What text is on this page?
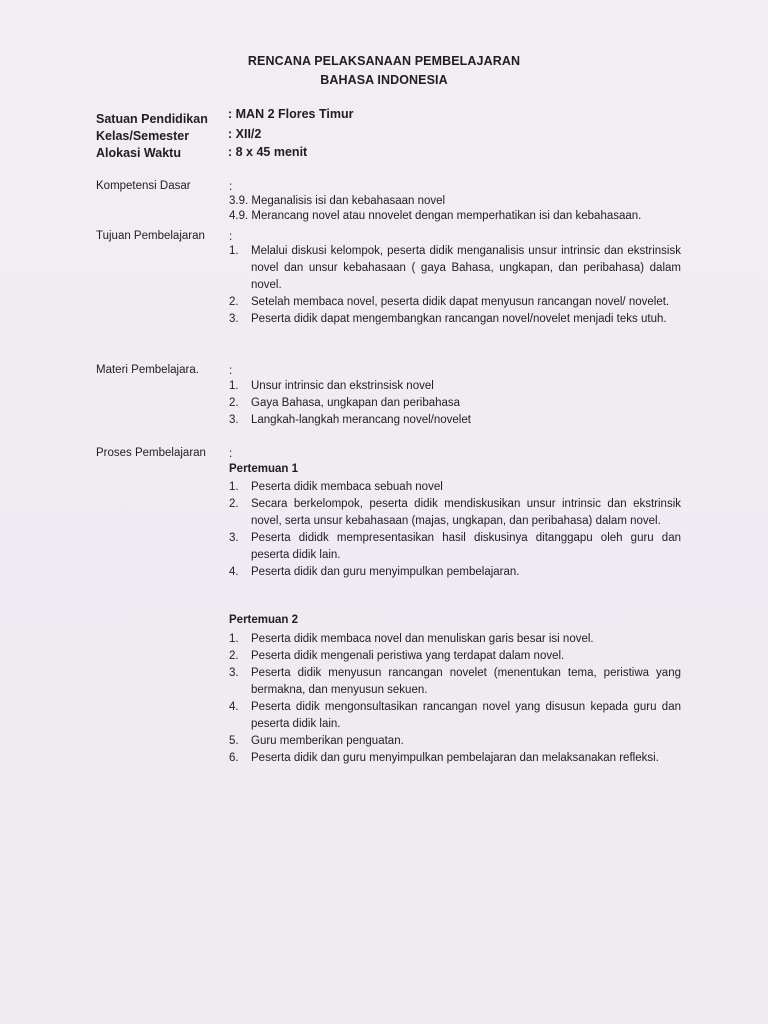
RENCANA PELAKSANAAN PEMBELAJARAN
BAHASA INDONESIA
Satuan Pendidikan : MAN 2 Flores Timur
Kelas/Semester	: XII/2
Alokasi Waktu	: 8 x 45 menit
Kompetensi Dasar	:
3.9. Meganalisis isi dan kebahasaan novel
4.9. Merancang novel atau nnovelet dengan memperhatikan isi dan kebahasaan.
Tujuan Pembelajaran :
1. Melalui diskusi kelompok, peserta didik menganalisis unsur intrinsic dan ekstrinsisk novel dan unsur kebahasaan ( gaya Bahasa, ungkapan, dan peribahasa) dalam novel.
2. Setelah membaca novel, peserta didik dapat menyusun rancangan novel/ novelet.
3. Peserta didik dapat mengembangkan rancangan novel/novelet menjadi teks utuh.
Materi Pembelajara.	:
1. Unsur intrinsic dan ekstrinsisk novel
2. Gaya Bahasa, ungkapan dan peribahasa
3. Langkah-langkah merancang novel/novelet
Proses Pembelajaran :
Pertemuan 1
1. Peserta didik membaca sebuah novel
2. Secara berkelompok, peserta didik mendiskusikan unsur intrinsic dan ekstrinsik novel, serta unsur kebahasaan (majas, ungkapan, dan peribahasa) dalam novel.
3. Peserta dididk mempresentasikan hasil diskusinya ditanggapu oleh guru dan peserta didik lain.
4. Peserta didik dan guru menyimpulkan pembelajaran.
Pertemuan 2
1. Peserta didik membaca novel dan menuliskan garis besar isi novel.
2. Peserta didik mengenali peristiwa yang terdapat dalam novel.
3. Peserta didik menyusun rancangan novelet (menentukan tema, peristiwa yang bermakna, dan menyusun sekuen.
4. Peserta didik mengonsultasikan rancangan novel yang disusun kepada guru dan peserta didik lain.
5. Guru memberikan penguatan.
6. Peserta didik dan guru menyimpulkan pembelajaran dan melaksanakan refleksi.
